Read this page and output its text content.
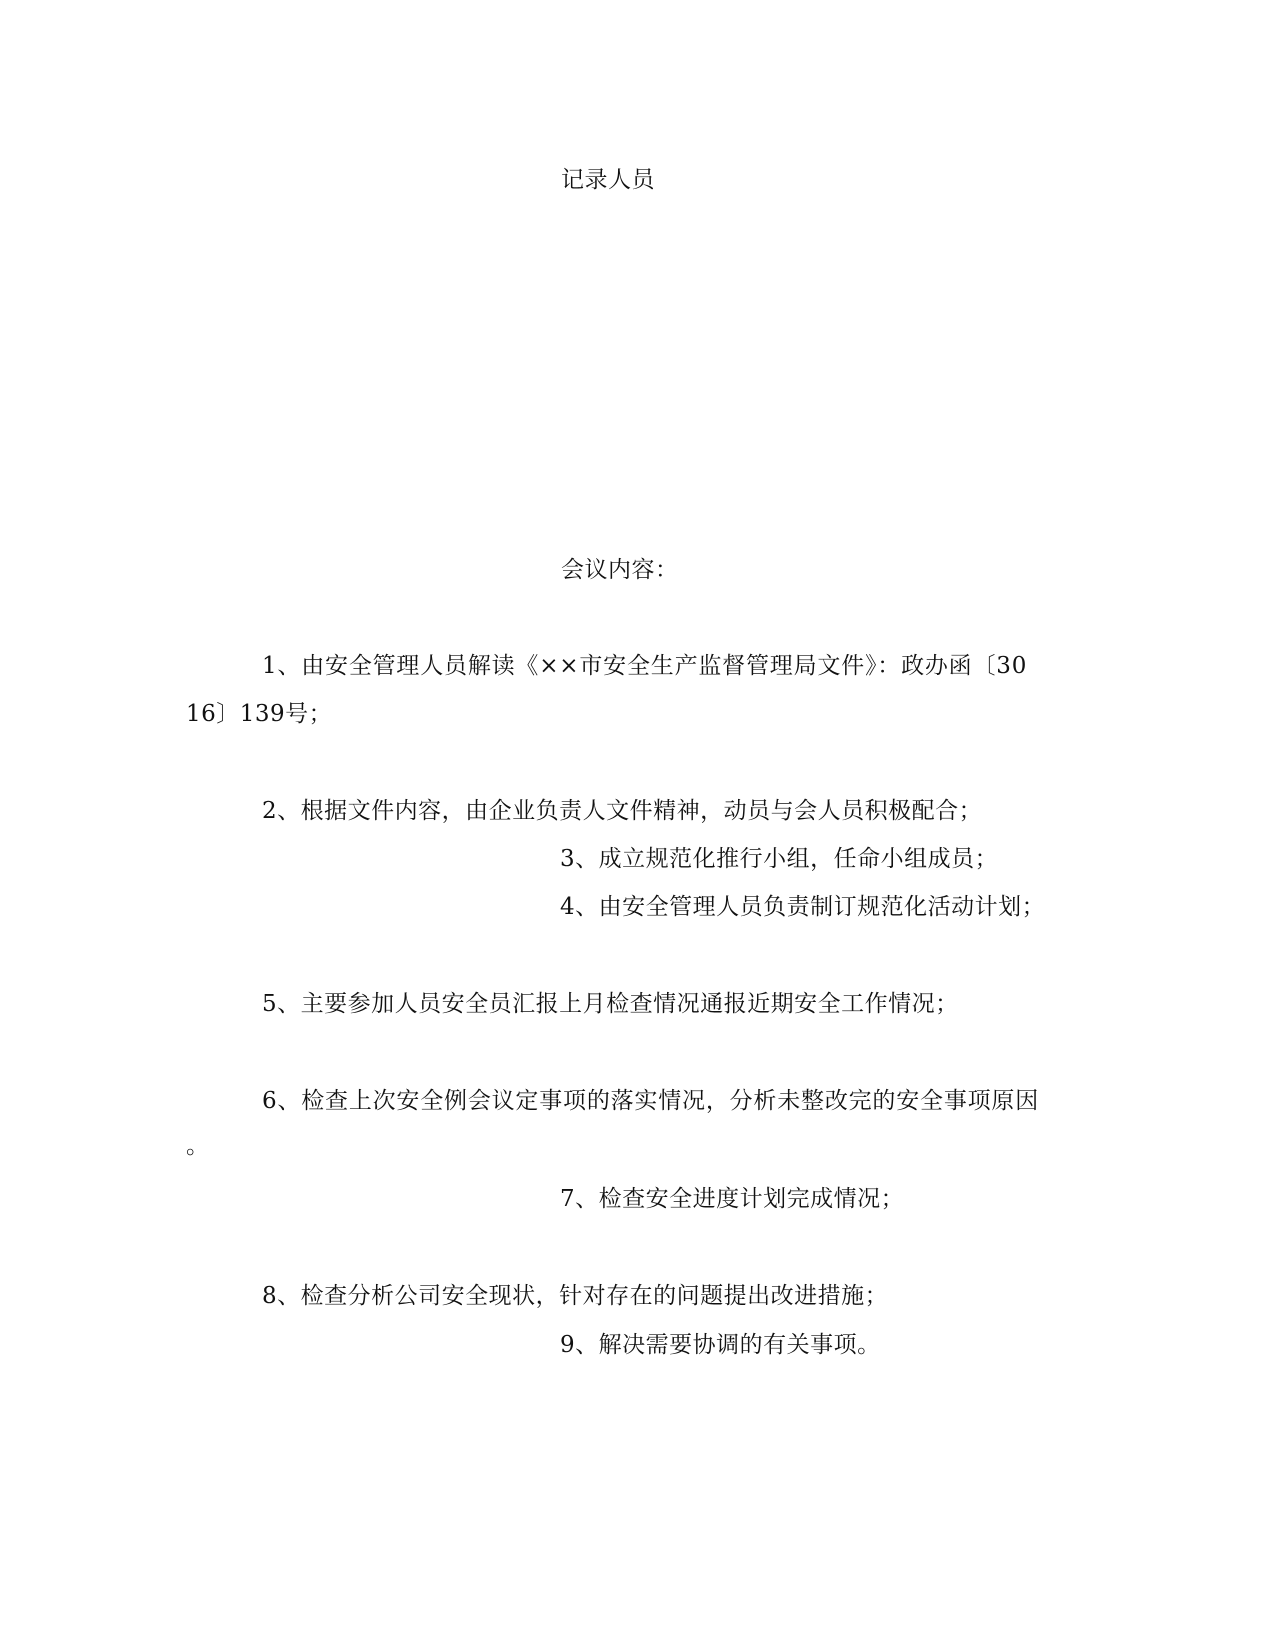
记录人员
会议内容：
1、由安全管理人员解读《××市安全生产监督管理局文件》：政办函〔30
16〕139号；
2、根据文件内容，由企业负责人文件精神，动员与会人员积极配合；
3、成立规范化推行小组，任命小组成员；
4、由安全管理人员负责制订规范化活动计划；
5、主要参加人员安全员汇报上月检查情况通报近期安全工作情况；
6、检查上次安全例会议定事项的落实情况，分析未整改完的安全事项原因
。
7、检查安全进度计划完成情况；
8、检查分析公司安全现状，针对存在的问题提出改进措施；
9、解决需要协调的有关事项。
